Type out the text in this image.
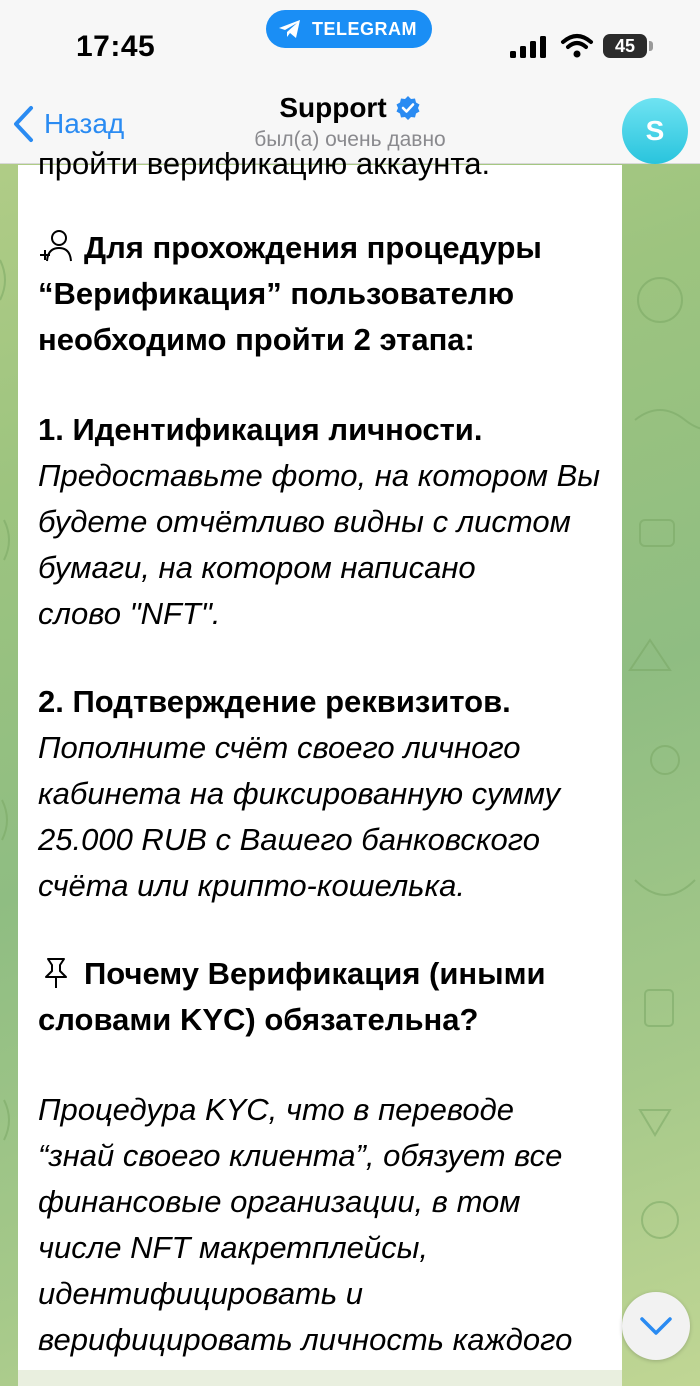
17:45
TELEGRAM
45
Назад
Support
был(а) очень давно	S
пройти верификацию аккаунта.
Для прохождения процедуры
“Верификация” пользователю
необходимо пройти 2 этапа:
1. Идентификация личности.
Предоставьте фото, на котором Вы
будете отчётливо видны с листом
бумаги, на котором написано
слово "NFT".
2. Подтверждение реквизитов.
Пополните счёт своего личного
кабинета на фиксированную сумму
25.000 RUB с Вашего банковского
счёта или крипто-кошелька.
Почему Верификация (иными
словами KYC) обязательна?
Процедура KYC, что в переводе
“знай своего клиента”, обязует все
финансовые организации, в том
числе NFT макретплейсы,
идентифицировать и
верифицировать личность каждого
